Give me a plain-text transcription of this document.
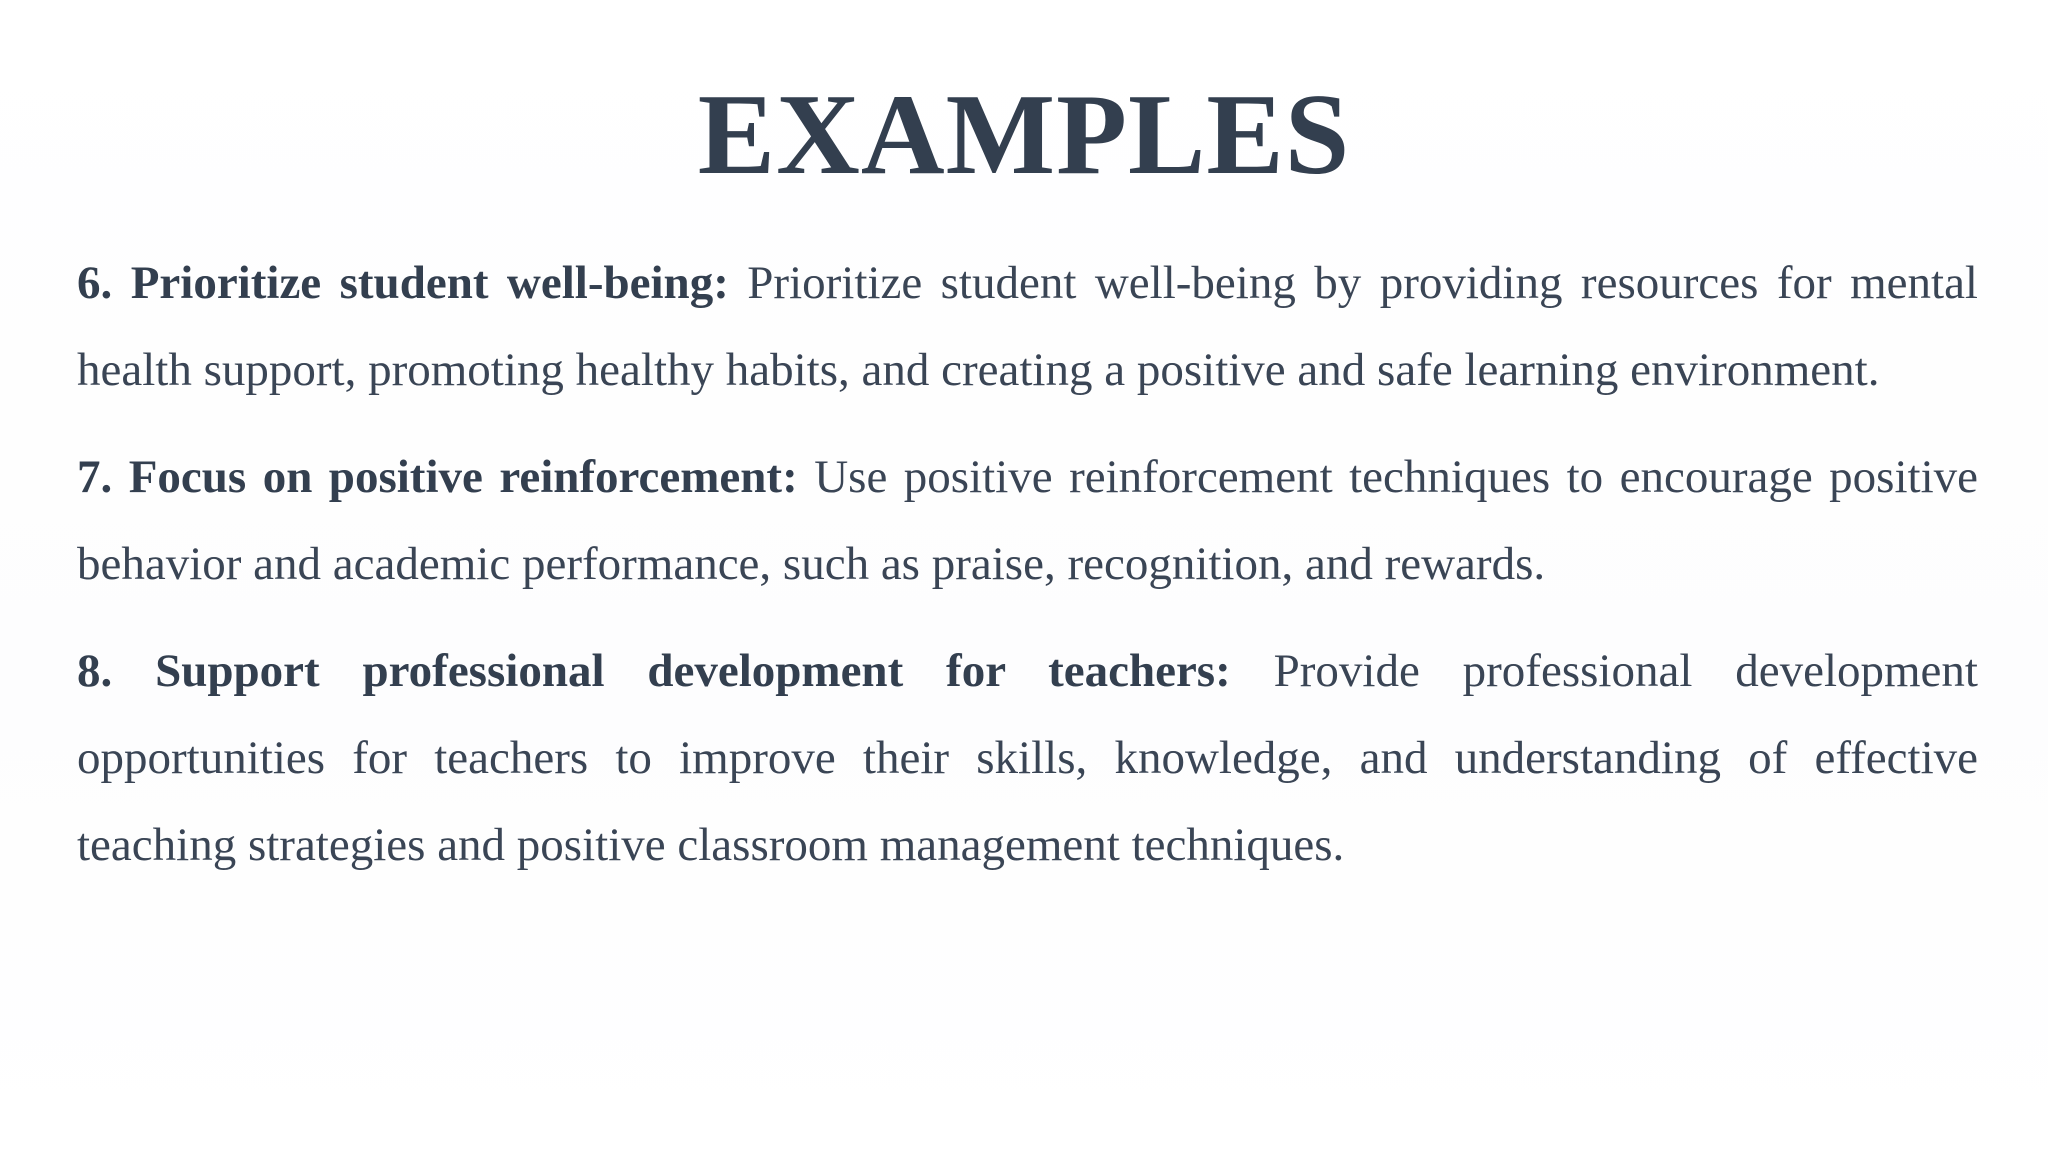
EXAMPLES

6. Prioritize student well-being: Prioritize student well-being by providing resources for mental health support, promoting healthy habits, and creating a positive and safe learning environment.

7. Focus on positive reinforcement: Use positive reinforcement techniques to encourage positive behavior and academic performance, such as praise, recognition, and rewards.

8. Support professional development for teachers: Provide professional development opportunities for teachers to improve their skills, knowledge, and understanding of effective teaching strategies and positive classroom management techniques.
